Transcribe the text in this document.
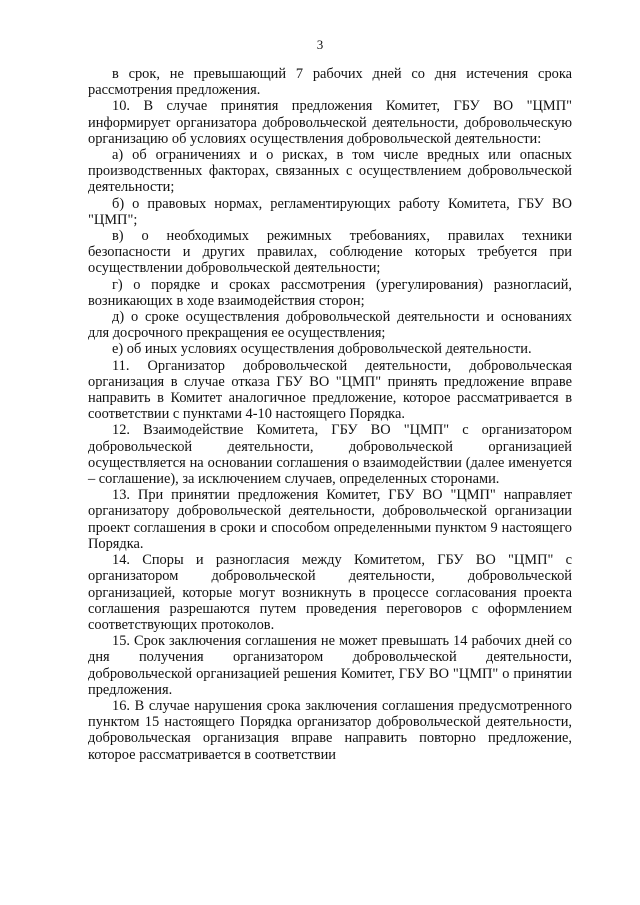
3

в срок, не превышающий 7 рабочих дней со дня истечения срока рассмотрения предложения.

10. В случае принятия предложения Комитет, ГБУ ВО "ЦМП" информирует организатора добровольческой деятельности, добровольческую организацию об условиях осуществления добровольческой деятельности:

а) об ограничениях и о рисках, в том числе вредных или опасных производственных факторах, связанных с осуществлением добровольческой деятельности;

б) о правовых нормах, регламентирующих работу Комитета, ГБУ ВО "ЦМП";

в) о необходимых режимных требованиях, правилах техники безопасности и других правилах, соблюдение которых требуется при осуществлении добровольческой деятельности;

г) о порядке и сроках рассмотрения (урегулирования) разногласий, возникающих в ходе взаимодействия сторон;

д) о сроке осуществления добровольческой деятельности и основаниях для досрочного прекращения ее осуществления;

е) об иных условиях осуществления добровольческой деятельности.

11. Организатор добровольческой деятельности, добровольческая организация в случае отказа ГБУ ВО "ЦМП" принять предложение вправе направить в Комитет аналогичное предложение, которое рассматривается в соответствии с пунктами 4-10 настоящего Порядка.

12. Взаимодействие Комитета, ГБУ ВО "ЦМП" с организатором добровольческой деятельности, добровольческой организацией осуществляется на основании соглашения о взаимодействии (далее именуется – соглашение), за исключением случаев, определенных сторонами.

13. При принятии предложения Комитет, ГБУ ВО "ЦМП" направляет организатору добровольческой деятельности, добровольческой организации проект соглашения в сроки и способом определенными пунктом 9 настоящего Порядка.

14. Споры и разногласия между Комитетом, ГБУ ВО "ЦМП" с организатором добровольческой деятельности, добровольческой организацией, которые могут возникнуть в процессе согласования проекта соглашения разрешаются путем проведения переговоров с оформлением соответствующих протоколов.

15. Срок заключения соглашения не может превышать 14 рабочих дней со дня получения организатором добровольческой деятельности, добровольческой организацией решения Комитет, ГБУ ВО "ЦМП" о принятии предложения.

16. В случае нарушения срока заключения соглашения предусмотренного пунктом 15 настоящего Порядка организатор добровольческой деятельности, добровольческая организация вправе направить повторно предложение, которое рассматривается в соответствии
